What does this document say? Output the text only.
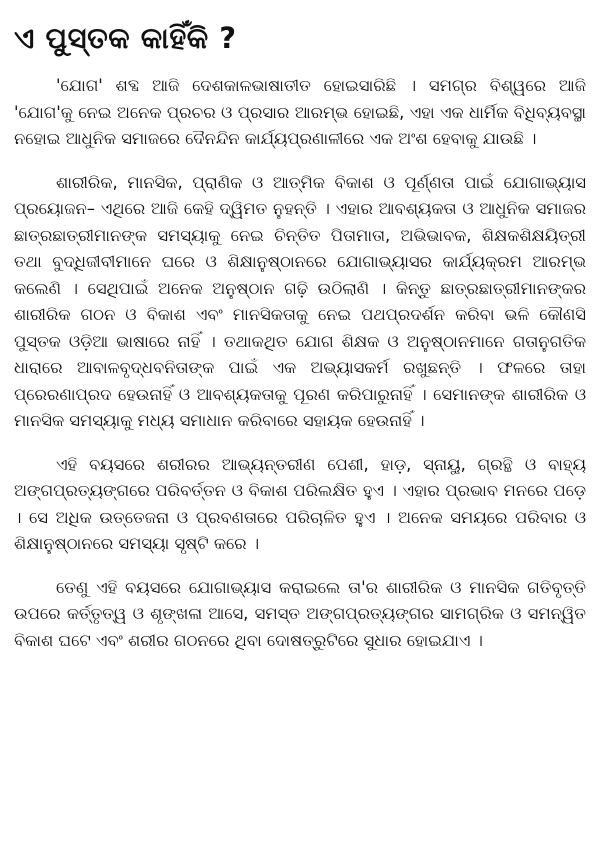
ଏ ପୁସ୍ତକ କାହିଁକି ?

'ଯୋଗ' ଶବ୍ଦ ଆଜି ଦେଶକାଳଭାଷାତୀତ ହୋଇସାରିଛି । ସମଗ୍ର ବିଶ୍ୱରେ ଆଜି 'ଯୋଗ'କୁ ନେଇ ଅନେକ ପ୍ରଚର ଓ ପ୍ରସାର ଆରମ୍ଭ ହୋଇଛି, ଏହା ଏକ ଧାର୍ମିକ ବିଧିବ୍ୟବସ୍ଥା ନହୋଇ ଆଧୁନିକ ସମାଜରେ ଦୈନନ୍ଦିନ କାର୍ଯ୍ୟପ୍ରଣାଳୀରେ ଏକ ଅଂଶ ହେବାକୁ ଯାଉଛି ।

ଶାରୀରିକ, ମାନସିକ, ପ୍ରାଣିକ ଓ ଆତ୍ମିକ ବିକାଶ ଓ ପୂର୍ଣ୍ଣତା ପାଇଁ ଯୋଗାଭ୍ୟାସ ପ୍ରୟୋଜନ– ଏଥିରେ ଆଜି କେହି ଦ୍ୱିମତ ନୁହନ୍ତି । ଏହାର ଆବଶ୍ୟକତା ଓ ଆଧୁନିକ ସମାଜର ଛାତ୍ରଛାତ୍ରୀମାନଙ୍କ ସମସ୍ୟାକୁ ନେଇ ଚିନ୍ତିତ ପିତାମାତା, ଅଭିଭାବକ, ଶିକ୍ଷକଶିକ୍ଷୟିତ୍ରୀ ତଥା ବୁଦ୍ଧିଜୀବୀମାନେ ଘରେ ଓ ଶିକ୍ଷାନୁଷ୍ଠାନରେ ଯୋଗାଭ୍ୟାସର କାର୍ଯ୍ୟକ୍ରମ ଆରମ୍ଭ କଲେଣି । ସେଥିପାଇଁ ଅନେକ ଅନୁଷ୍ଠାନ ଗଢ଼ି ଉଠିଲାଣି । କିନ୍ତୁ ଛାତ୍ରଛାତ୍ରୀମାନଙ୍କର ଶାରୀରିକ ଗଠନ ଓ ବିକାଶ ଏବଂ ମାନସିକତାକୁ ନେଇ ପଥପ୍ରଦର୍ଶନ କରିବା ଭଳି କୌଣସି ପୁସ୍ତକ ଓଡ଼ିଆ ଭାଷାରେ ନାହିଁ । ତଥାକଥିତ ଯୋଗ ଶିକ୍ଷକ ଓ ଅନୁଷ୍ଠାନମାନେ ଗତାନୁଗତିକ ଧାରାରେ ଆବାଳବୃଦ୍ଧବନିତାଙ୍କ ପାଇଁ ଏକ ଅଭ୍ୟାସକର୍ମ ରଖୁଛନ୍ତି । ଫଳରେ ତାହା ପ୍ରେରଣାପ୍ରଦ ହେଉନାହିଁ ଓ ଆବଶ୍ୟକତାକୁ ପୂରଣ କରିପାରୁନାହିଁ । ସେମାନଙ୍କ ଶାରୀରିକ ଓ ମାନସିକ ସମସ୍ୟାକୁ ମଧ୍ୟ ସମାଧାନ କରିବାରେ ସହାୟକ ହେଉନାହିଁ ।

ଏହି ବୟସରେ ଶରୀରର ଆଭ୍ୟନ୍ତରୀଣ ପେଶୀ, ହାଡ଼, ସ୍ନାୟୁ, ଗ୍ରନ୍ଥି ଓ ବାହ୍ୟ ଅଙ୍ଗପ୍ରତ୍ୟଙ୍ଗରେ ପରିବର୍ତ୍ତନ ଓ ବିକାଶ ପରିଲକ୍ଷିତ ହୁଏ । ଏହାର ପ୍ରଭାବ ମନରେ ପଡ଼େ । ସେ ଅଧିକ ଉତ୍ତେଜନା ଓ ପ୍ରବଣତାରେ ପରିଚାଳିତ ହୁଏ । ଅନେକ ସମୟରେ ପରିବାର ଓ ଶିକ୍ଷାନୁଷ୍ଠାନରେ ସମସ୍ୟା ସୃଷ୍ଟି କରେ ।

ତେଣୁ ଏହି ବୟସରେ ଯୋଗାଭ୍ୟାସ କରାଇଲେ ତା'ର ଶାରୀରିକ ଓ ମାନସିକ ଗତିବୃତ୍ତି ଉପରେ କର୍ତ୍ତୃତ୍ୱ ଓ ଶୃଙ୍ଖଳା ଆସେ, ସମସ୍ତ ଅଙ୍ଗପ୍ରତ୍ୟଙ୍ଗର ସାମଗ୍ରିକ ଓ ସମନ୍ୱିତ ବିକାଶ ଘଟେ ଏବଂ ଶରୀର ଗଠନରେ ଥିବା ଦୋଷତ୍ରୁଟିରେ ସୁଧାର ହୋଇଯାଏ ।
